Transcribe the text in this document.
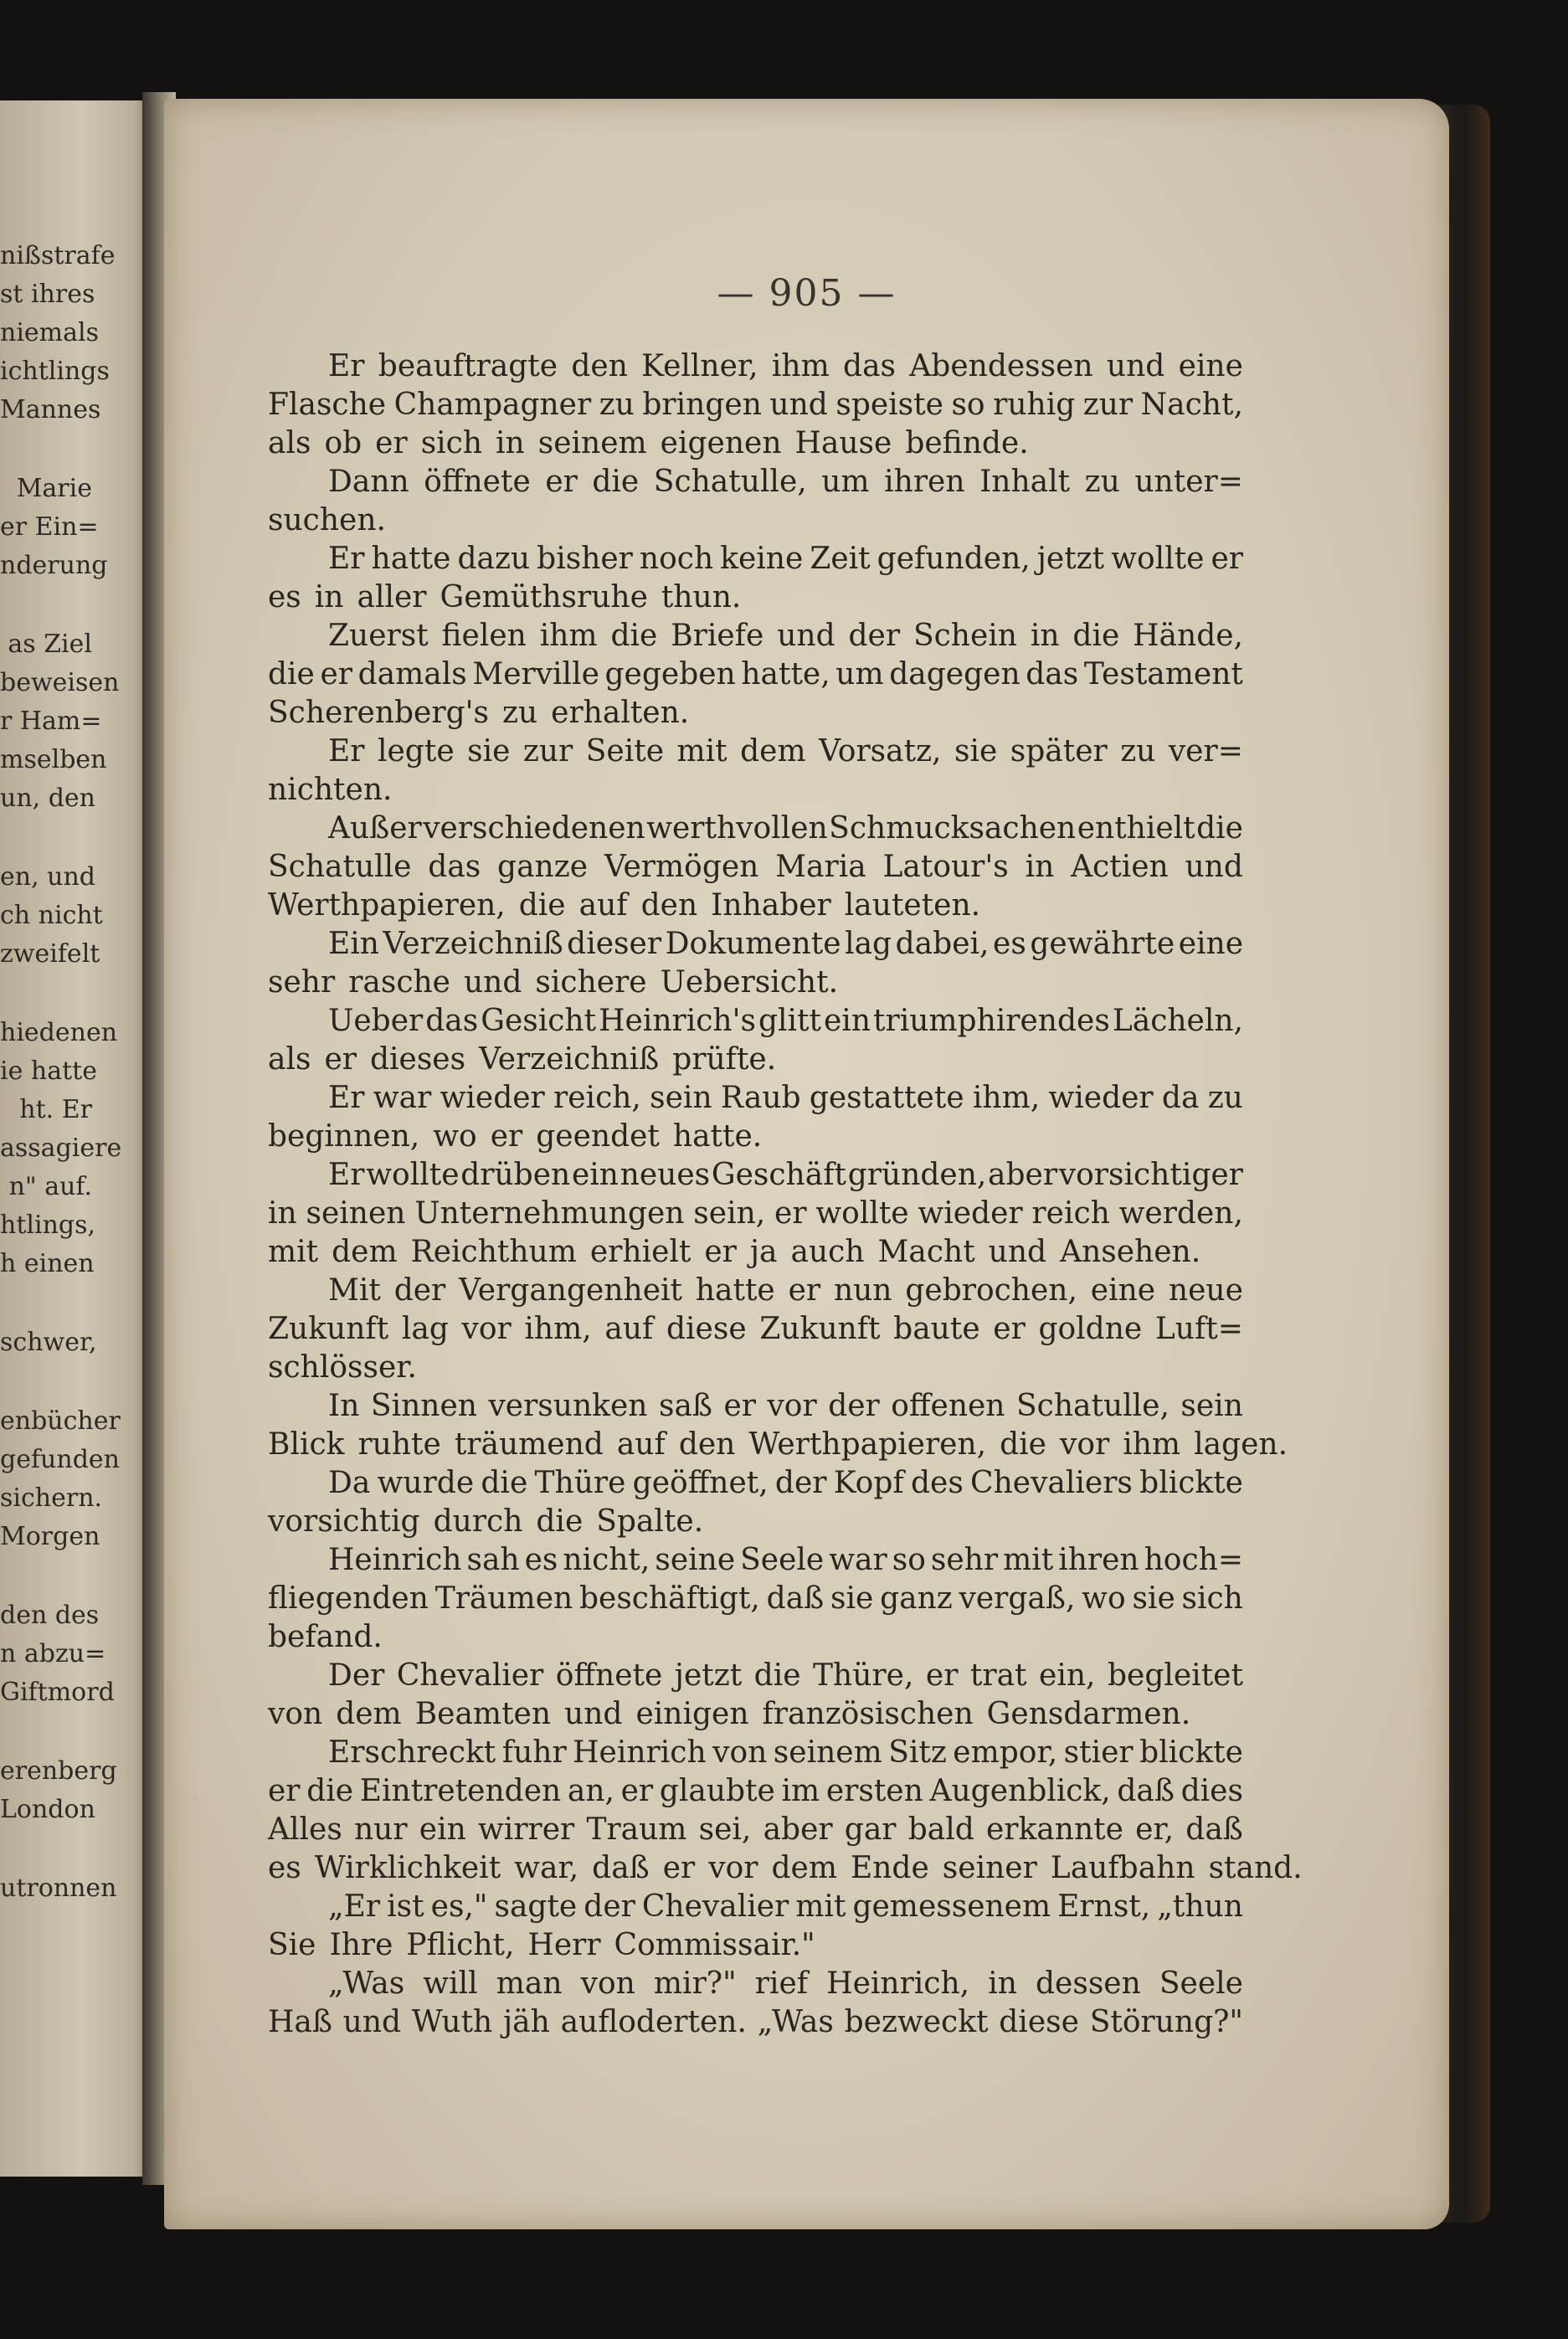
nißstrafe
st ihres
niemals
ichtlings
Mannes
Marie
er Ein=
nderung
as Ziel
beweisen
r Ham=
mselben
un, den
en, und
ch nicht
zweifelt
hiedenen
ie hatte
ht. Er
assagiere
n" auf.
htlings,
h einen
schwer,
enbücher
gefunden
sichern.
Morgen
den des
n abzu=
Giftmord
erenberg
London
utronnen
— 905 —
Er beauftragte den Kellner, ihm das Abendessen und eine
Flasche Champagner zu bringen und speiste so ruhig zur Nacht,
als ob er sich in seinem eigenen Hause befinde.
Dann öffnete er die Schatulle, um ihren Inhalt zu unter=
suchen.
Er hatte dazu bisher noch keine Zeit gefunden, jetzt wollte er
es in aller Gemüthsruhe thun.
Zuerst fielen ihm die Briefe und der Schein in die Hände,
die er damals Merville gegeben hatte, um dagegen das Testament
Scherenberg's zu erhalten.
Er legte sie zur Seite mit dem Vorsatz, sie später zu ver=
nichten.
Außer verschiedenen werthvollen Schmucksachen enthielt die
Schatulle das ganze Vermögen Maria Latour's in Actien und
Werthpapieren, die auf den Inhaber lauteten.
Ein Verzeichniß dieser Dokumente lag dabei, es gewährte eine
sehr rasche und sichere Uebersicht.
Ueber das Gesicht Heinrich's glitt ein triumphirendes Lächeln,
als er dieses Verzeichniß prüfte.
Er war wieder reich, sein Raub gestattete ihm, wieder da zu
beginnen, wo er geendet hatte.
Er wollte drüben ein neues Geschäft gründen, aber vorsichtiger
in seinen Unternehmungen sein, er wollte wieder reich werden,
mit dem Reichthum erhielt er ja auch Macht und Ansehen.
Mit der Vergangenheit hatte er nun gebrochen, eine neue
Zukunft lag vor ihm, auf diese Zukunft baute er goldne Luft=
schlösser.
In Sinnen versunken saß er vor der offenen Schatulle, sein
Blick ruhte träumend auf den Werthpapieren, die vor ihm lagen.
Da wurde die Thüre geöffnet, der Kopf des Chevaliers blickte
vorsichtig durch die Spalte.
Heinrich sah es nicht, seine Seele war so sehr mit ihren hoch=
fliegenden Träumen beschäftigt, daß sie ganz vergaß, wo sie sich
befand.
Der Chevalier öffnete jetzt die Thüre, er trat ein, begleitet
von dem Beamten und einigen französischen Gensdarmen.
Erschreckt fuhr Heinrich von seinem Sitz empor, stier blickte
er die Eintretenden an, er glaubte im ersten Augenblick, daß dies
Alles nur ein wirrer Traum sei, aber gar bald erkannte er, daß
es Wirklichkeit war, daß er vor dem Ende seiner Laufbahn stand.
„Er ist es," sagte der Chevalier mit gemessenem Ernst, „thun
Sie Ihre Pflicht, Herr Commissair."
„Was will man von mir?" rief Heinrich, in dessen Seele
Haß und Wuth jäh aufloderten. „Was bezweckt diese Störung?"
